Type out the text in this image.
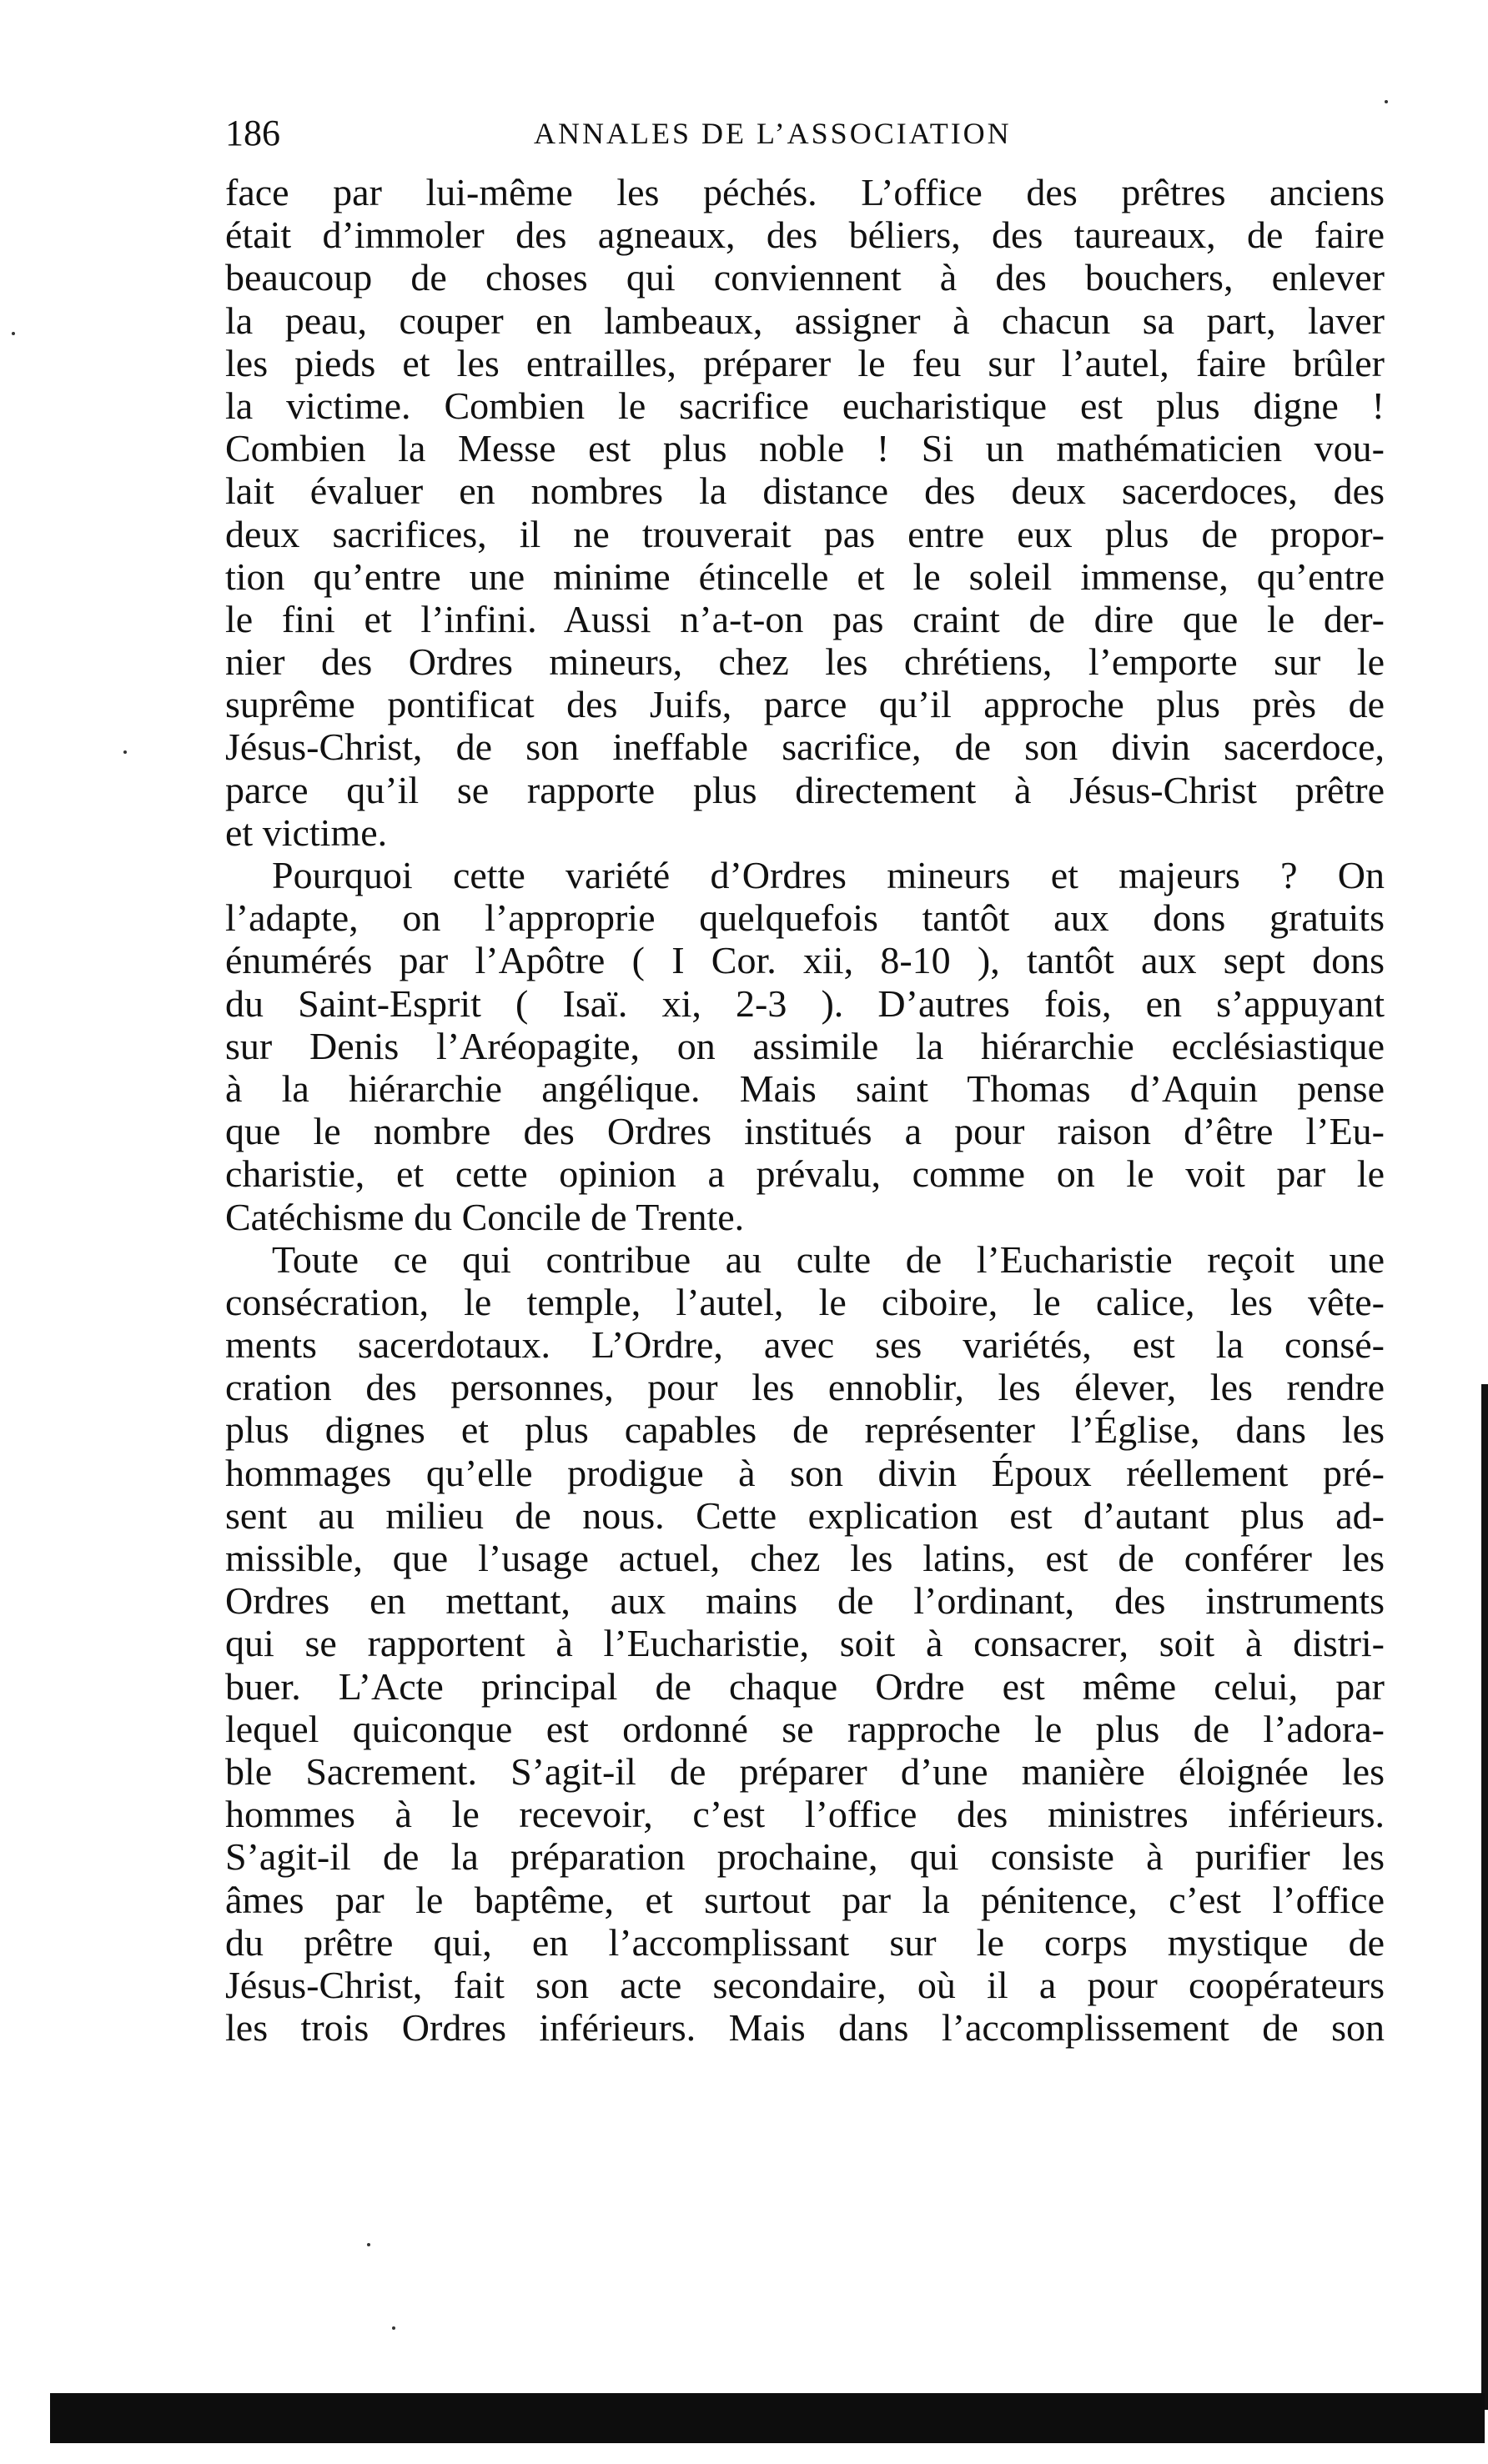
186	ANNALES DE L’ASSOCIATION
face par lui-même les péchés. L’office des prêtres anciens
était d’immoler des agneaux, des béliers, des taureaux, de faire
beaucoup de choses qui conviennent à des bouchers, enlever
la peau, couper en lambeaux, assigner à chacun sa part, laver
les pieds et les entrailles, préparer le feu sur l’autel, faire brûler
la victime. Combien le sacrifice eucharistique est plus digne !
Combien la Messe est plus noble ! Si un mathématicien vou-
lait évaluer en nombres la distance des deux sacerdoces, des
deux sacrifices, il ne trouverait pas entre eux plus de propor-
tion qu’entre une minime étincelle et le soleil immense, qu’entre
le fini et l’infini. Aussi n’a-t-on pas craint de dire que le der-
nier des Ordres mineurs, chez les chrétiens, l’emporte sur le
suprême pontificat des Juifs, parce qu’il approche plus près de
Jésus-Christ, de son ineffable sacrifice, de son divin sacerdoce,
parce qu’il se rapporte plus directement à Jésus-Christ prêtre
et victime.
Pourquoi cette variété d’Ordres mineurs et majeurs ? On
l’adapte, on l’approprie quelquefois tantôt aux dons gratuits
énumérés par l’Apôtre ( I Cor. xii, 8-10 ), tantôt aux sept dons
du Saint-Esprit ( Isaï. xi, 2-3 ). D’autres fois, en s’appuyant
sur Denis l’Aréopagite, on assimile la hiérarchie ecclésiastique
à la hiérarchie angélique. Mais saint Thomas d’Aquin pense
que le nombre des Ordres institués a pour raison d’être l’Eu-
charistie, et cette opinion a prévalu, comme on le voit par le
Catéchisme du Concile de Trente.
Toute ce qui contribue au culte de l’Eucharistie reçoit une
consécration, le temple, l’autel, le ciboire, le calice, les vête-
ments sacerdotaux. L’Ordre, avec ses variétés, est la consé-
cration des personnes, pour les ennoblir, les élever, les rendre
plus dignes et plus capables de représenter l’Église, dans les
hommages qu’elle prodigue à son divin Époux réellement pré-
sent au milieu de nous. Cette explication est d’autant plus ad-
missible, que l’usage actuel, chez les latins, est de conférer les
Ordres en mettant, aux mains de l’ordinant, des instruments
qui se rapportent à l’Eucharistie, soit à consacrer, soit à distri-
buer. L’Acte principal de chaque Ordre est même celui, par
lequel quiconque est ordonné se rapproche le plus de l’adora-
ble Sacrement. S’agit-il de préparer d’une manière éloignée les
hommes à le recevoir, c’est l’office des ministres inférieurs.
S’agit-il de la préparation prochaine, qui consiste à purifier les
âmes par le baptême, et surtout par la pénitence, c’est l’office
du prêtre qui, en l’accomplissant sur le corps mystique de
Jésus-Christ, fait son acte secondaire, où il a pour coopérateurs
les trois Ordres inférieurs. Mais dans l’accomplissement de son
